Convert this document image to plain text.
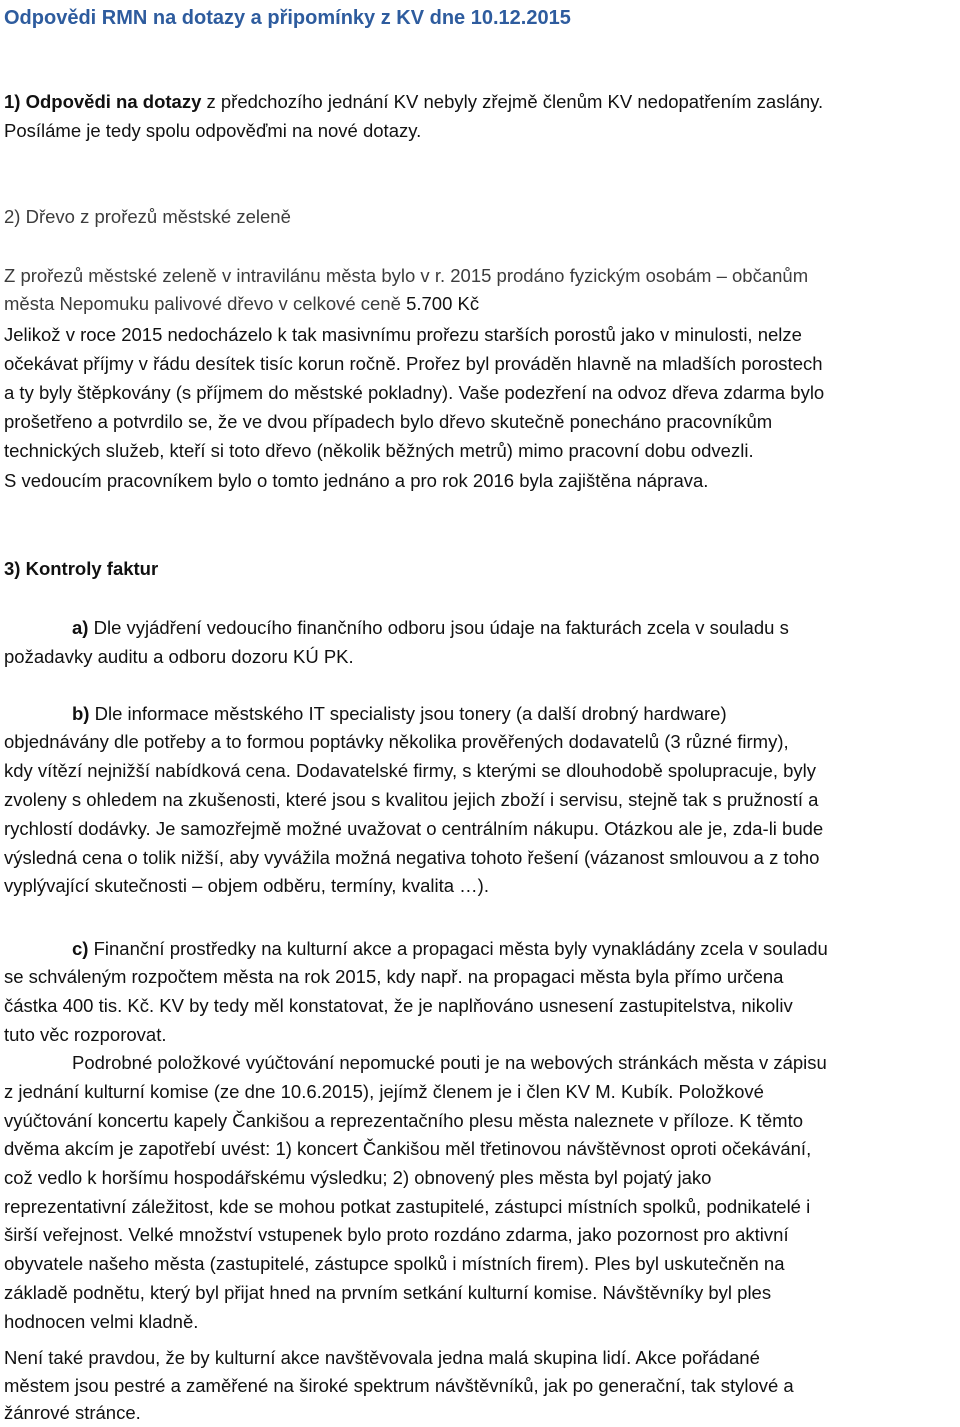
Odpovědi RMN na dotazy a připomínky z KV dne 10.12.2015
1) Odpovědi na dotazy z předchozího jednání KV nebyly zřejmě členům KV nedopatřením zaslány.
Posíláme je tedy spolu odpověďmi na nové dotazy.
2) Dřevo z prořezů městské zeleně
Z prořezů městské zeleně v intravilánu města bylo v r. 2015 prodáno fyzickým osobám – občanům
města Nepomuku palivové dřevo v celkové ceně 5.700 Kč
Jelikož v roce 2015 nedocházelo k tak masivnímu prořezu starších porostů jako v minulosti, nelze
očekávat příjmy v řádu desítek tisíc korun ročně. Prořez byl prováděn hlavně na mladších porostech
a ty byly štěpkovány (s příjmem do městské pokladny). Vaše podezření na odvoz dřeva zdarma bylo
prošetřeno a potvrdilo se, že ve dvou případech bylo dřevo skutečně ponecháno pracovníkům
technických služeb, kteří si toto dřevo (několik běžných metrů) mimo pracovní dobu odvezli.
S vedoucím pracovníkem bylo o tomto jednáno a pro rok 2016 byla zajištěna náprava.
3) Kontroly faktur
a) Dle vyjádření vedoucího finančního odboru jsou údaje na fakturách zcela v souladu s
požadavky auditu a odboru dozoru KÚ PK.
b) Dle informace městského IT specialisty jsou tonery (a další drobný hardware)
objednávány dle potřeby a to formou poptávky několika prověřených dodavatelů (3 různé firmy),
kdy vítězí nejnižší nabídková cena. Dodavatelské firmy, s kterými se dlouhodobě spolupracuje, byly
zvoleny s ohledem na zkušenosti, které jsou s kvalitou jejich zboží i servisu, stejně tak s pružností a
rychlostí dodávky. Je samozřejmě možné uvažovat o centrálním nákupu. Otázkou ale je, zda-li bude
výsledná cena o tolik nižší, aby vyvážila možná negativa tohoto řešení (vázanost smlouvou a z toho
vyplývající skutečnosti – objem odběru, termíny, kvalita …).
c) Finanční prostředky na kulturní akce a propagaci města byly vynakládány zcela v souladu
se schváleným rozpočtem města na rok 2015, kdy např. na propagaci města byla přímo určena
částka 400 tis. Kč. KV by tedy měl konstatovat, že je naplňováno usnesení zastupitelstva, nikoliv
tuto věc rozporovat.
Podrobné položkové vyúčtování nepomucké pouti je na webových stránkách města v zápisu
z jednání kulturní komise (ze dne 10.6.2015), jejímž členem je i člen KV M. Kubík. Položkové
vyúčtování koncertu kapely Čankišou a reprezentačního plesu města naleznete v příloze. K těmto
dvěma akcím je zapotřebí uvést: 1) koncert Čankišou měl třetinovou návštěvnost oproti očekávání,
což vedlo k horšímu hospodářskému výsledku; 2) obnovený ples města byl pojatý jako
reprezentativní záležitost, kde se mohou potkat zastupitelé, zástupci místních spolků, podnikatelé i
širší veřejnost. Velké množství vstupenek bylo proto rozdáno zdarma, jako pozornost pro aktivní
obyvatele našeho města (zastupitelé, zástupce spolků i místních firem). Ples byl uskutečněn na
základě podnětu, který byl přijat hned na prvním setkání kulturní komise. Návštěvníky byl ples
hodnocen velmi kladně.
Není také pravdou, že by kulturní akce navštěvovala jedna malá skupina lidí. Akce pořádané
městem jsou pestré a zaměřené na široké spektrum návštěvníků, jak po generační, tak stylové a
žánrové stránce.
